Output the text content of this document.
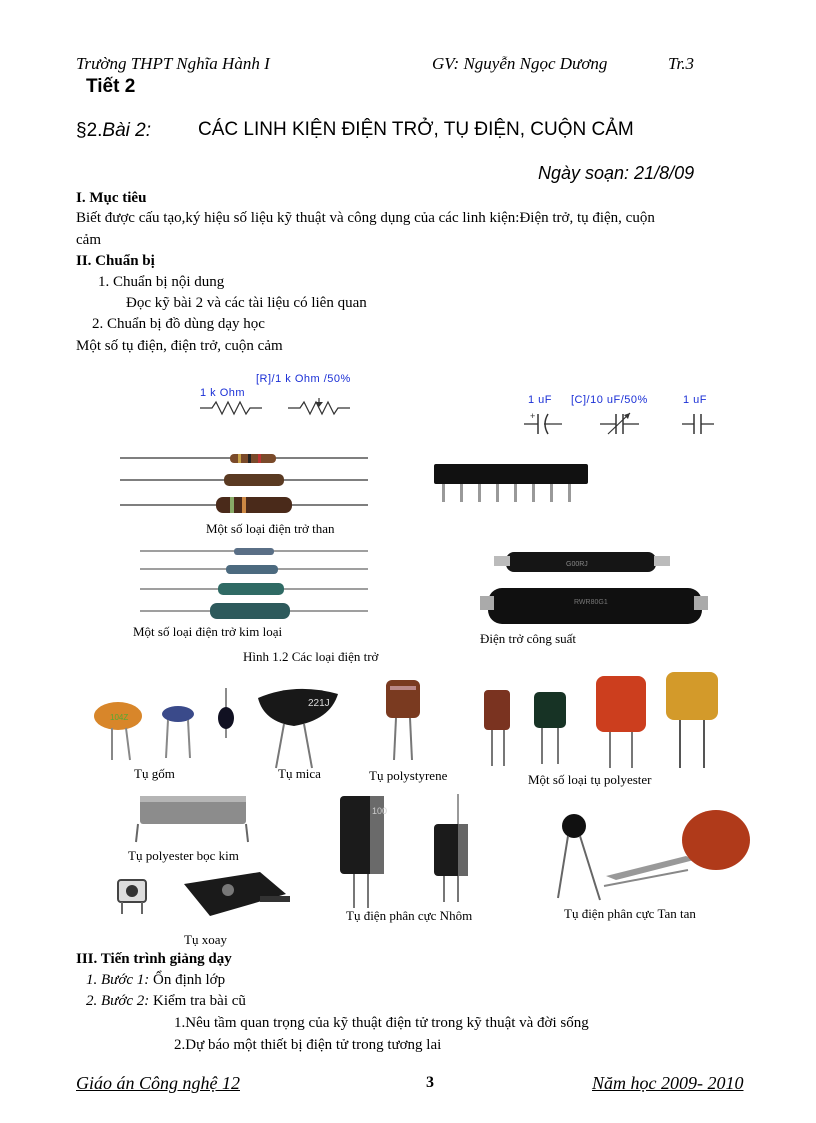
Trường THPT Nghĩa Hành I	GV: Nguyễn Ngọc Dương	Tr.3
Tiết 2
§2.Bài 2: CÁC LINH KIỆN ĐIỆN TRỞ, TỤ ĐIỆN, CUỘN CẢM
Ngày soạn: 21/8/09
I. Mục tiêu
Biết được cấu tạo,ký hiệu số liệu kỹ thuật và công dụng của các linh kiện:Điện trở, tụ điện, cuộn
cảm
II. Chuẩn bị
1. Chuẩn bị nội dung
Đọc kỹ bài 2 và các tài liệu có liên quan
2. Chuẩn bị đồ dùng dạy học
Một số tụ điện, điện trở, cuộn cảm
[R]/1 k Ohm /50%
1 k Ohm
1 uF [C]/10 uF/50%	1 uF
+
Một số loại điện trở than
G00RJ
RWR80G1
Một số loại điện trở kim loại	Điện trở công suất
Hình 1.2 Các loại điện trở
104Z
221J
Tụ gốm	Tụ mica	Tụ polystyrene	Một số loại tụ polyester
Tụ polyester bọc kim
100
Tụ điện phân cực Nhôm	Tụ điện phân cực Tan tan
Tụ xoay
III. Tiến trình giảng dạy
1. Bước 1: Ổn định lớp
2. Bước 2: Kiểm tra bài cũ
1.Nêu tầm quan trọng của kỹ thuật điện tử trong kỹ thuật và đời sống
2.Dự báo một thiết bị điện tử trong tương lai
Giáo án Công nghệ 12	3	Năm học 2009- 2010
